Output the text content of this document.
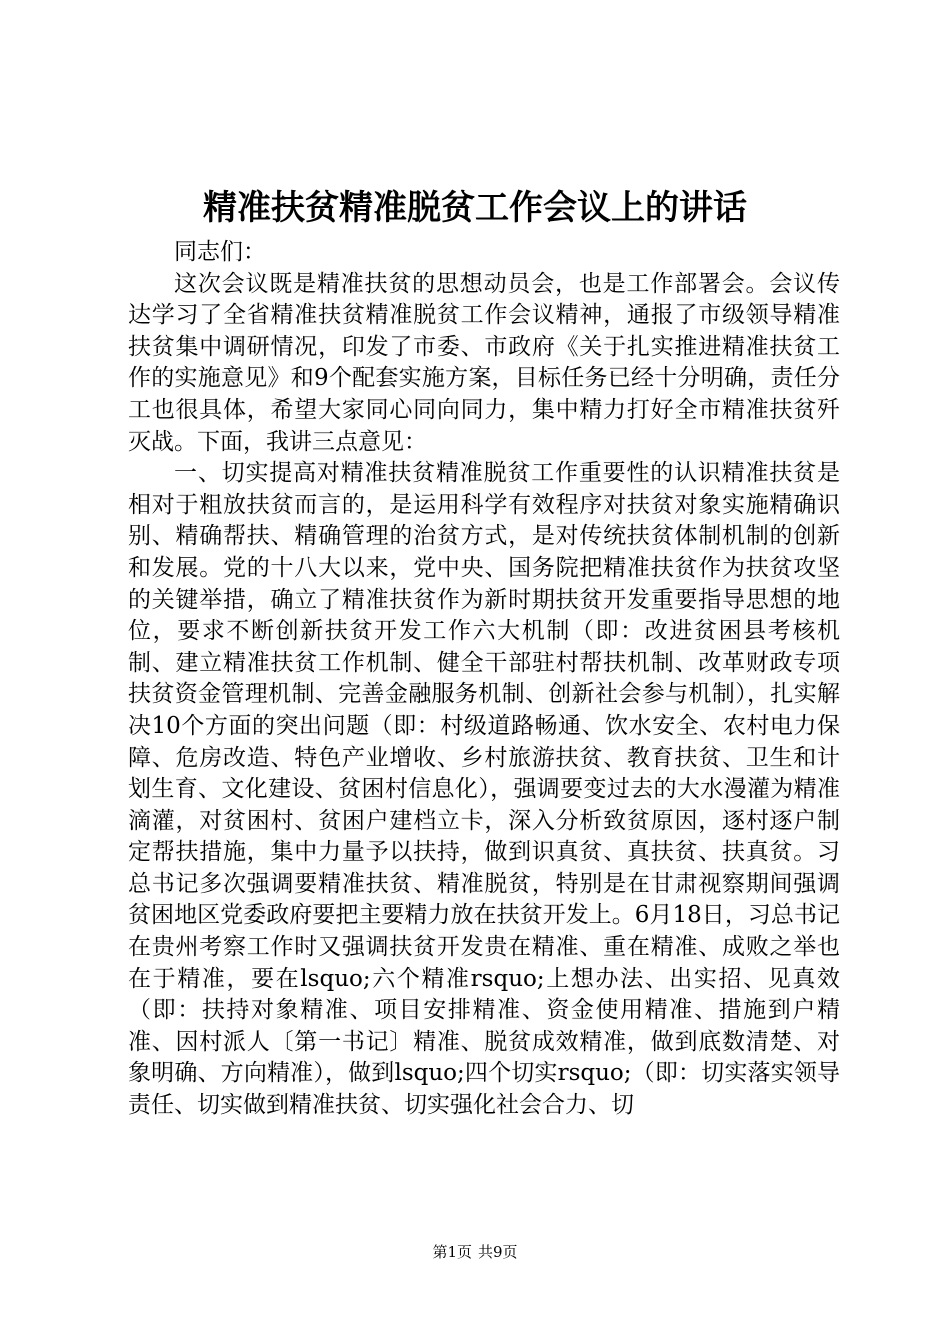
精准扶贫精准脱贫工作会议上的讲话

同志们：

这次会议既是精准扶贫的思想动员会，也是工作部署会。会议传达学习了全省精准扶贫精准脱贫工作会议精神，通报了市级领导精准扶贫集中调研情况，印发了市委、市政府《关于扎实推进精准扶贫工作的实施意见》和9个配套实施方案，目标任务已经十分明确，责任分工也很具体，希望大家同心同向同力，集中精力打好全市精准扶贫歼灭战。下面，我讲三点意见：

一、切实提高对精准扶贫精准脱贫工作重要性的认识精准扶贫是相对于粗放扶贫而言的，是运用科学有效程序对扶贫对象实施精确识别、精确帮扶、精确管理的治贫方式，是对传统扶贫体制机制的创新和发展。党的十八大以来，党中央、国务院把精准扶贫作为扶贫攻坚的关键举措，确立了精准扶贫作为新时期扶贫开发重要指导思想的地位，要求不断创新扶贫开发工作六大机制（即：改进贫困县考核机制、建立精准扶贫工作机制、健全干部驻村帮扶机制、改革财政专项扶贫资金管理机制、完善金融服务机制、创新社会参与机制），扎实解决10个方面的突出问题（即：村级道路畅通、饮水安全、农村电力保障、危房改造、特色产业增收、乡村旅游扶贫、教育扶贫、卫生和计划生育、文化建设、贫困村信息化），强调要变过去的大水漫灌为精准滴灌，对贫困村、贫困户建档立卡，深入分析致贫原因，逐村逐户制定帮扶措施，集中力量予以扶持，做到识真贫、真扶贫、扶真贫。习总书记多次强调要精准扶贫、精准脱贫，特别是在甘肃视察期间强调贫困地区党委政府要把主要精力放在扶贫开发上。6月18日，习总书记在贵州考察工作时又强调扶贫开发贵在精准、重在精准、成败之举也在于精准，要在lsquo;六个精准rsquo;上想办法、出实招、见真效（即：扶持对象精准、项目安排精准、资金使用精准、措施到户精准、因村派人〔第一书记〕精准、脱贫成效精准，做到底数清楚、对象明确、方向精准），做到lsquo;四个切实rsquo;（即：切实落实领导责任、切实做到精准扶贫、切实强化社会合力、切

第1页 共9页
